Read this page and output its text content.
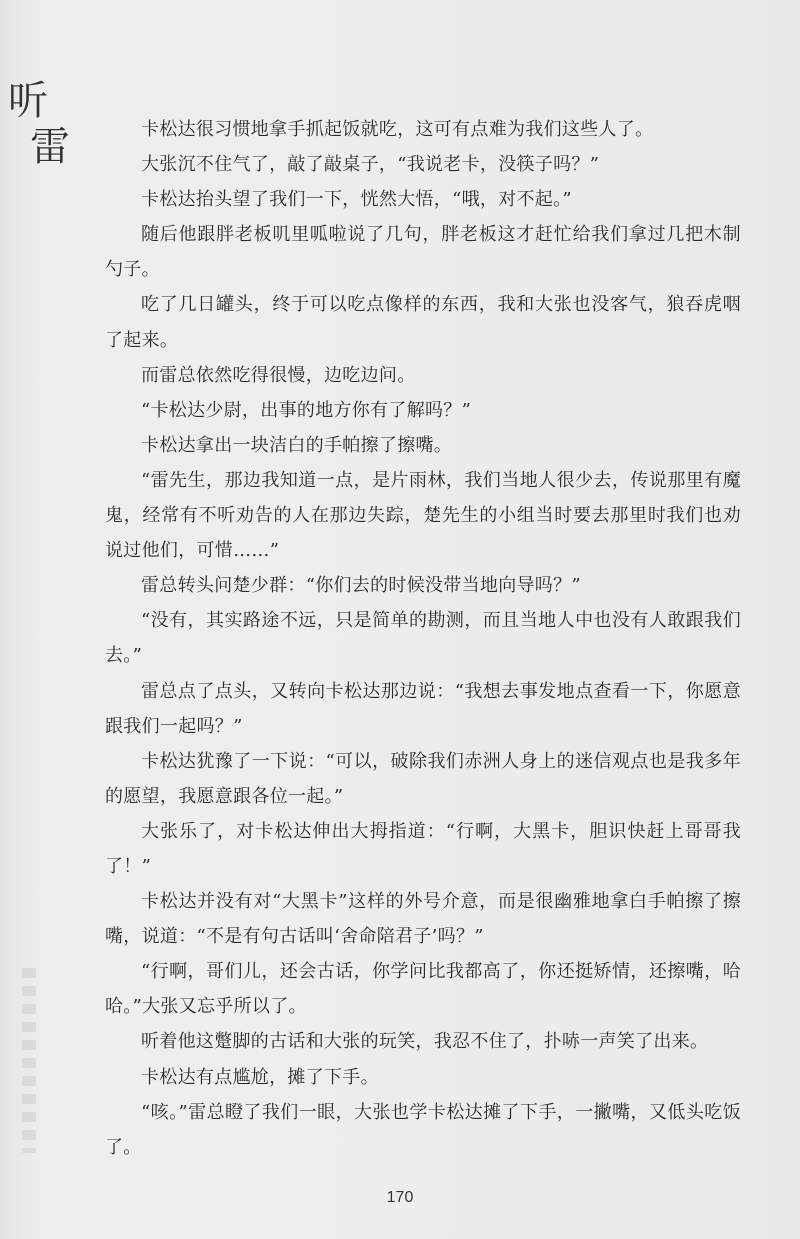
听
雷	卡松达很习惯地拿手抓起饭就吃，这可有点难为我们这些人了。

大张沉不住气了，敲了敲桌子，“我说老卡，没筷子吗？”

卡松达抬头望了我们一下，恍然大悟，“哦，对不起。”

随后他跟胖老板叽里呱啦说了几句，胖老板这才赶忙给我们拿过几把木制勺子。

吃了几日罐头，终于可以吃点像样的东西，我和大张也没客气，狼吞虎咽了起来。

而雷总依然吃得很慢，边吃边问。

“卡松达少尉，出事的地方你有了解吗？”

卡松达拿出一块洁白的手帕擦了擦嘴。

“雷先生，那边我知道一点，是片雨林，我们当地人很少去，传说那里有魔鬼，经常有不听劝告的人在那边失踪，楚先生的小组当时要去那里时我们也劝说过他们，可惜……”

雷总转头问楚少群：“你们去的时候没带当地向导吗？”

“没有，其实路途不远，只是简单的勘测，而且当地人中也没有人敢跟我们去。”

雷总点了点头，又转向卡松达那边说：“我想去事发地点查看一下，你愿意跟我们一起吗？”

卡松达犹豫了一下说：“可以，破除我们赤洲人身上的迷信观点也是我多年的愿望，我愿意跟各位一起。”

大张乐了，对卡松达伸出大拇指道：“行啊，大黑卡，胆识快赶上哥哥我了！”

卡松达并没有对“大黑卡”这样的外号介意，而是很幽雅地拿白手帕擦了擦嘴，说道：“不是有句古话叫‘舍命陪君子’吗？”

“行啊，哥们儿，还会古话，你学问比我都高了，你还挺矫情，还擦嘴，哈哈。”大张又忘乎所以了。

听着他这蹩脚的古话和大张的玩笑，我忍不住了，扑哧一声笑了出来。

卡松达有点尴尬，摊了下手。

“咳。”雷总瞪了我们一眼，大张也学卡松达摊了下手，一撇嘴，又低头吃饭了。

170
